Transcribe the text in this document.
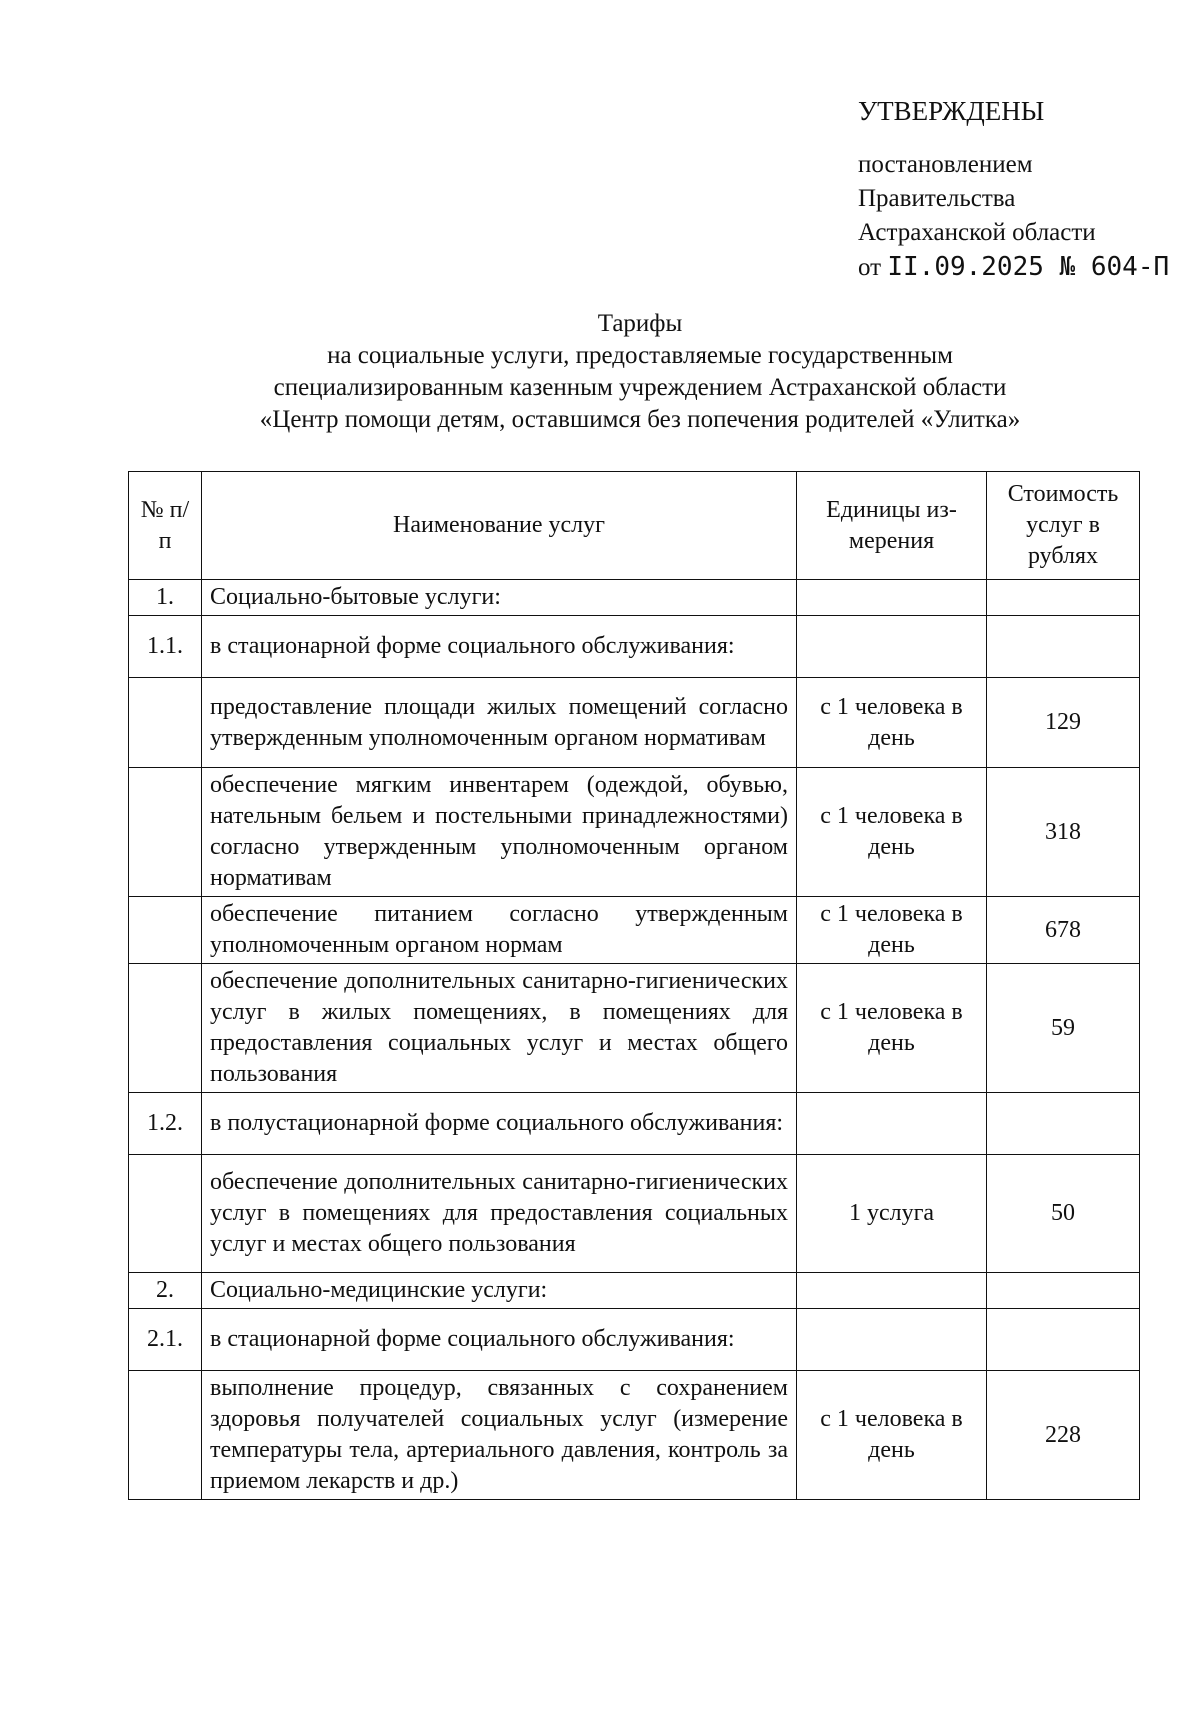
УТВЕРЖДЕНЫ
постановлением
Правительства
Астраханской области
от II.09.2025 № 604-П
Тарифы
на социальные услуги, предоставляемые государственным
специализированным казенным учреждением Астраханской области
«Центр помощи детям, оставшимся без попечения родителей «Улитка»
№ п/п	Наименование услуг	Единицы из-мерения	Стоимость услуг в рублях
1.	Социально-бытовые услуги:		
1.1.	в стационарной форме социального обслуживания:		
	предоставление площади жилых помещений согласно утвержденным уполномоченным органом нормативам	с 1 человека в день	129
	обеспечение мягким инвентарем (одеждой, обувью, нательным бельем и постельными принадлежностями) согласно утвержденным уполномоченным органом нормативам	с 1 человека в день	318
	обеспечение питанием согласно утвержденным уполномоченным органом нормам	с 1 человека в день	678
	обеспечение дополнительных санитарно-гигиенических услуг в жилых помещениях, в помещениях для предоставления социальных услуг и местах общего пользования	с 1 человека в день	59
1.2.	в полустационарной форме социального обслуживания:		
	обеспечение дополнительных санитарно-гигиенических услуг в помещениях для предоставления социальных услуг и местах общего пользования	1 услуга	50
2.	Социально-медицинские услуги:		
2.1.	в стационарной форме социального обслуживания:		
	выполнение процедур, связанных с сохранением здоровья получателей социальных услуг (измерение температуры тела, артериального давления, контроль за приемом лекарств и др.)	с 1 человека в день	228
